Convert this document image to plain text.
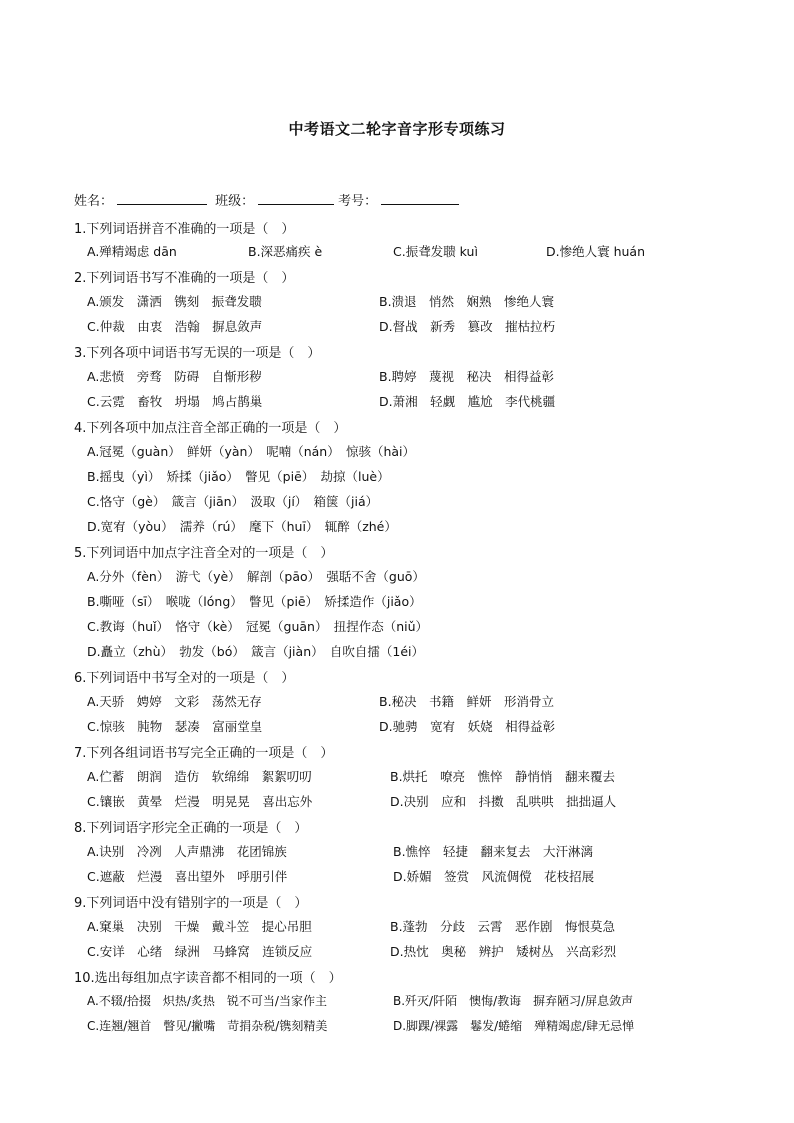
中考语文二轮字音字形专项练习
姓名：	班级：	考号：
1.下列词语拼音不准确的一项是（　）
A.殚精竭虑 dān	B.深恶痛疾 è	C.振聋发聩 kuì	D.惨绝人寰 huán
2.下列词语书写不准确的一项是（　）
A.颁发　潇洒　镌刻　振聋发聩	B.溃退　悄然　娴熟　惨绝人寰
C.仲裁　由衷　浩翰　摒息敛声	D.督战　新秀　篡改　摧枯拉朽
3.下列各项中词语书写无误的一项是（　）
A.悲愤　旁骛　防碍　自惭形秽	B.聘婷　蔑视　秘决　相得益彰
C.云霓　畜牧　坍塌　鸠占鹊巢	D.萧湘　轻觑　尴尬　李代桃疆
4.下列各项中加点注音全部正确的一项是（　）
A.冠冕（guàn）　鲜妍（yàn）　呢喃（nán）　惊骇（hài）
B.摇曳（yì）　矫揉（jiǎo）　瞥见（piē）　劫掠（luè）
C.恪守（gè）　箴言（jiān）　汲取（jí）　箱箧（jiá）
D.宽宥（yòu）　濡养（rú）　麾下（huī）　辄醉（zhé）
5.下列词语中加点字注音全对的一项是（　）
A.分外（fèn）　游弋（yè）　解剖（pāo）　强聒不舍（guō）
B.嘶哑（sī）　喉咙（lóng）　瞥见（piē）　矫揉造作（jiǎo）
C.教诲（huǐ）　恪守（kè）　冠冕（guān）　扭捏作态（niǔ）
D.矗立（zhù）　勃发（bó）　箴言（jiàn）　自吹自擂（1éi）
6.下列词语中书写全对的一项是（　）
A.天骄　娉婷　文彩　荡然无存	B.秘决　书籍　鲜妍　形消骨立
C.惊骇　肫物　瑟凑　富丽堂皇	D.驰骋　宽宥　妖娆　相得益彰
7.下列各组词语书写完全正确的一项是（　）
A.伫蓄　朗润　造仿　软绵绵　絮絮叨叨	B.烘托　嘹亮　憔悴　静悄悄　翻来覆去
C.镶嵌　黄晕　烂漫　明晃晃　喜出忘外	D.决别　应和　抖擞　乱哄哄　拙拙逼人
8.下列词语字形完全正确的一项是（　）
A.诀别　冷冽　人声鼎沸　花团锦族	B.憔悴　轻捷　翻来复去　大汗淋漓
C.遮蔽　烂漫　喜出望外　呼朋引伴	D.娇媚　签赏　风流倜傥　花枝招展
9.下列词语中没有错别字的一项是（　）
A.窠巢　决别　干燥　戴斗笠　提心吊胆	B.蓬勃　分歧　云霄　恶作剧　悔恨莫急
C.安详　心绪　绿洲　马蜂窝　连锁反应	D.热忱　奥秘　辨护　矮树丛　兴高彩烈
10.选出每组加点字读音都不相同的一项（　）
A.不辍/拾掇　炽热/炙热　锐不可当/当家作主	B.歼灭/阡陌　懊悔/教诲　摒弃陋习/屏息敛声
C.连翘/翘首　瞥见/撇嘴　苛捐杂税/镌刻精美	D.脚踝/裸露　鬈发/蜷缩　殚精竭虑/肆无忌惮
